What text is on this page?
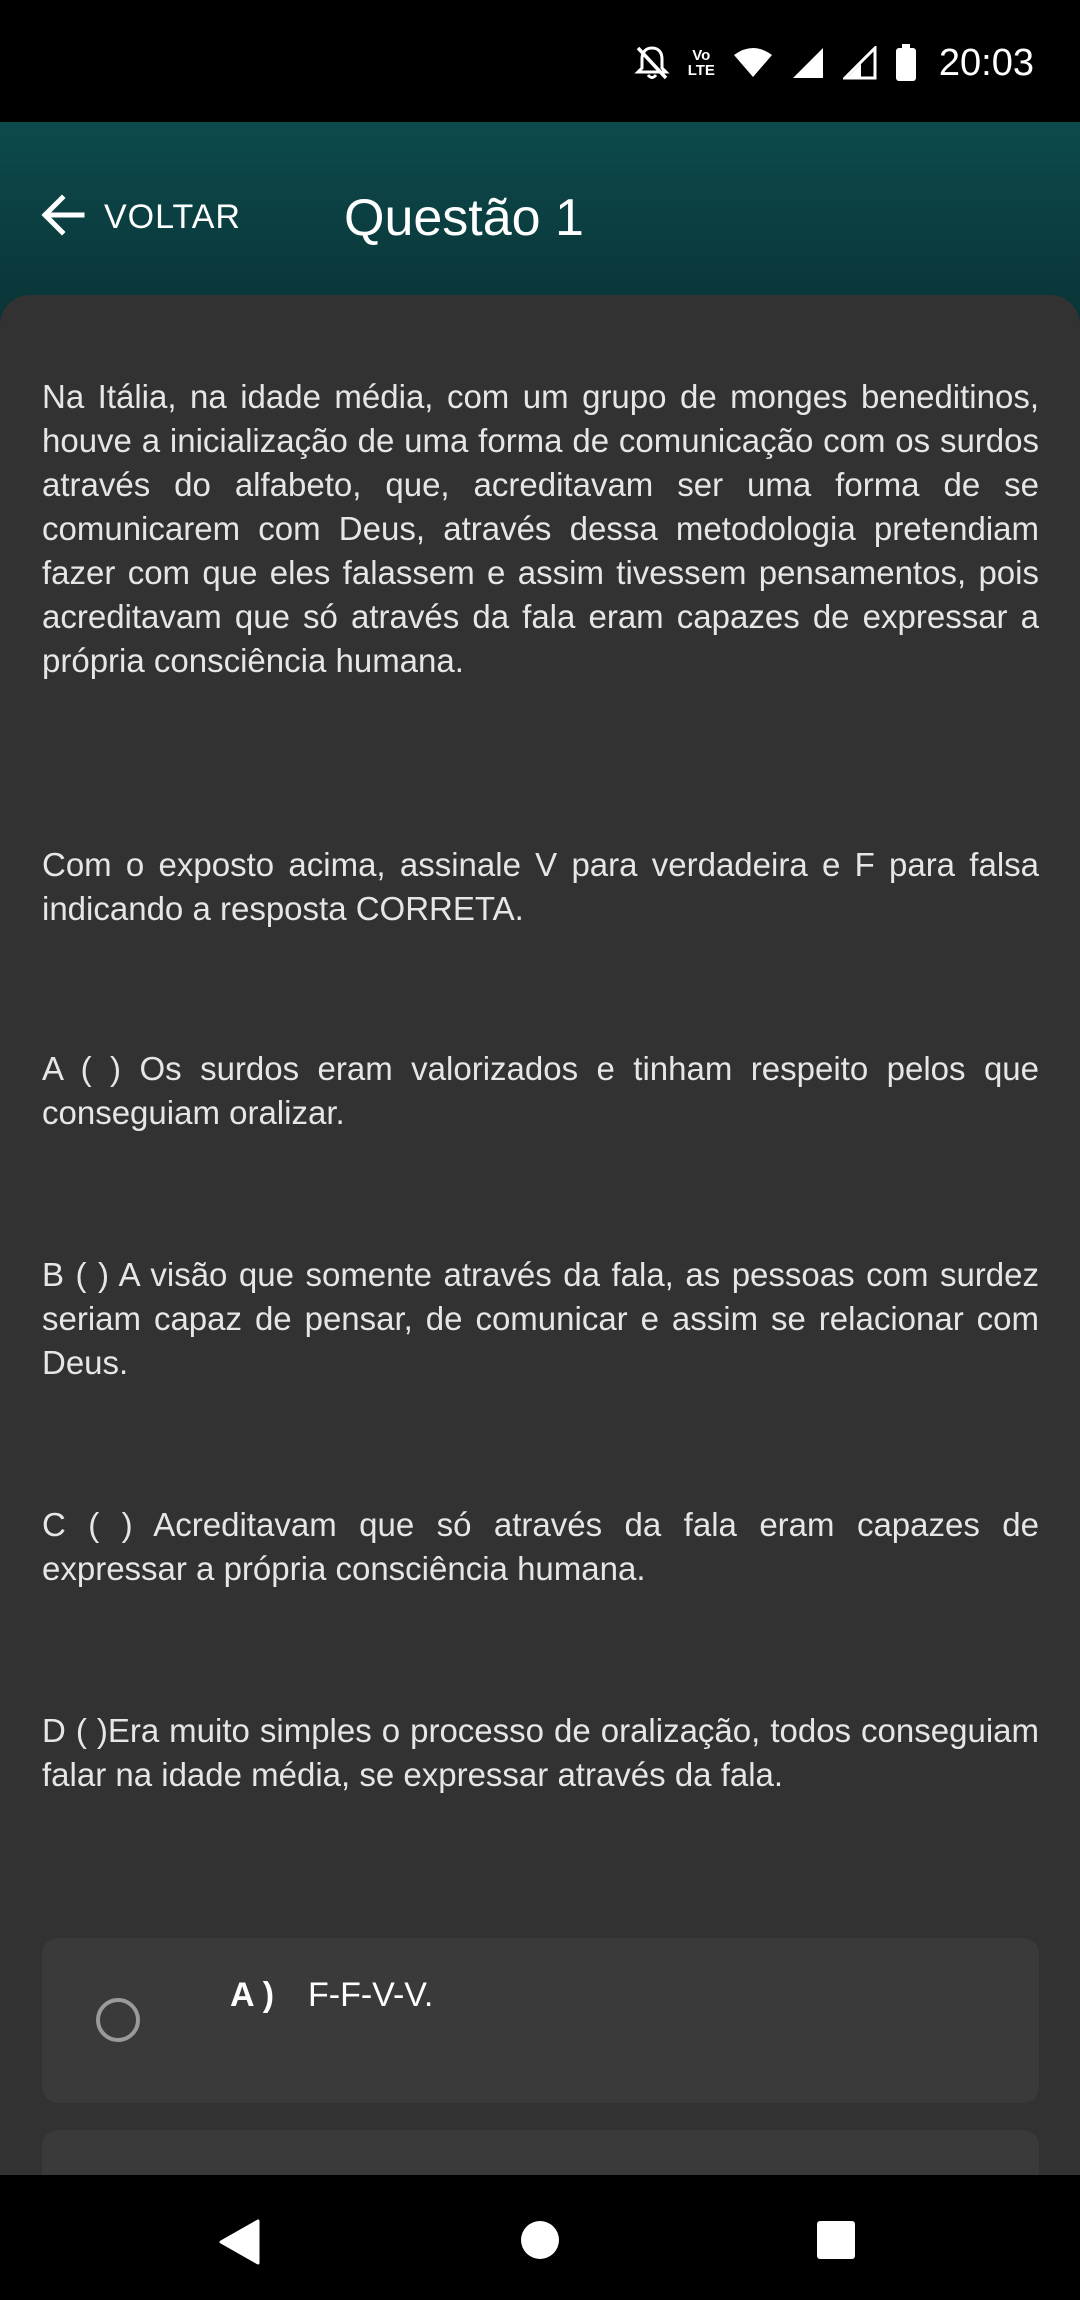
Vo
LTE	20:03
VOLTAR Questão 1

Na Itália, na idade média, com um grupo de monges beneditinos, houve a inicialização de uma forma de comunicação com os surdos através do alfabeto, que, acreditavam ser uma forma de se comunicarem com Deus, através dessa metodologia pretendiam fazer com que eles falassem e assim tivessem pensamentos, pois acreditavam que só através da fala eram capazes de expressar a própria consciência humana.

Com o exposto acima, assinale V para verdadeira e F para falsa indicando a resposta CORRETA.

A ( ) Os surdos eram valorizados e tinham respeito pelos que conseguiam oralizar.

B ( ) A visão que somente através da fala, as pessoas com surdez seriam capaz de pensar, de comunicar e assim se relacionar com Deus.

C ( ) Acreditavam que só através da fala eram capazes de expressar a própria consciência humana.

D ( )Era muito simples o processo de oralização, todos conseguiam falar na idade média, se expressar através da fala.

A ) F-F-V-V.
